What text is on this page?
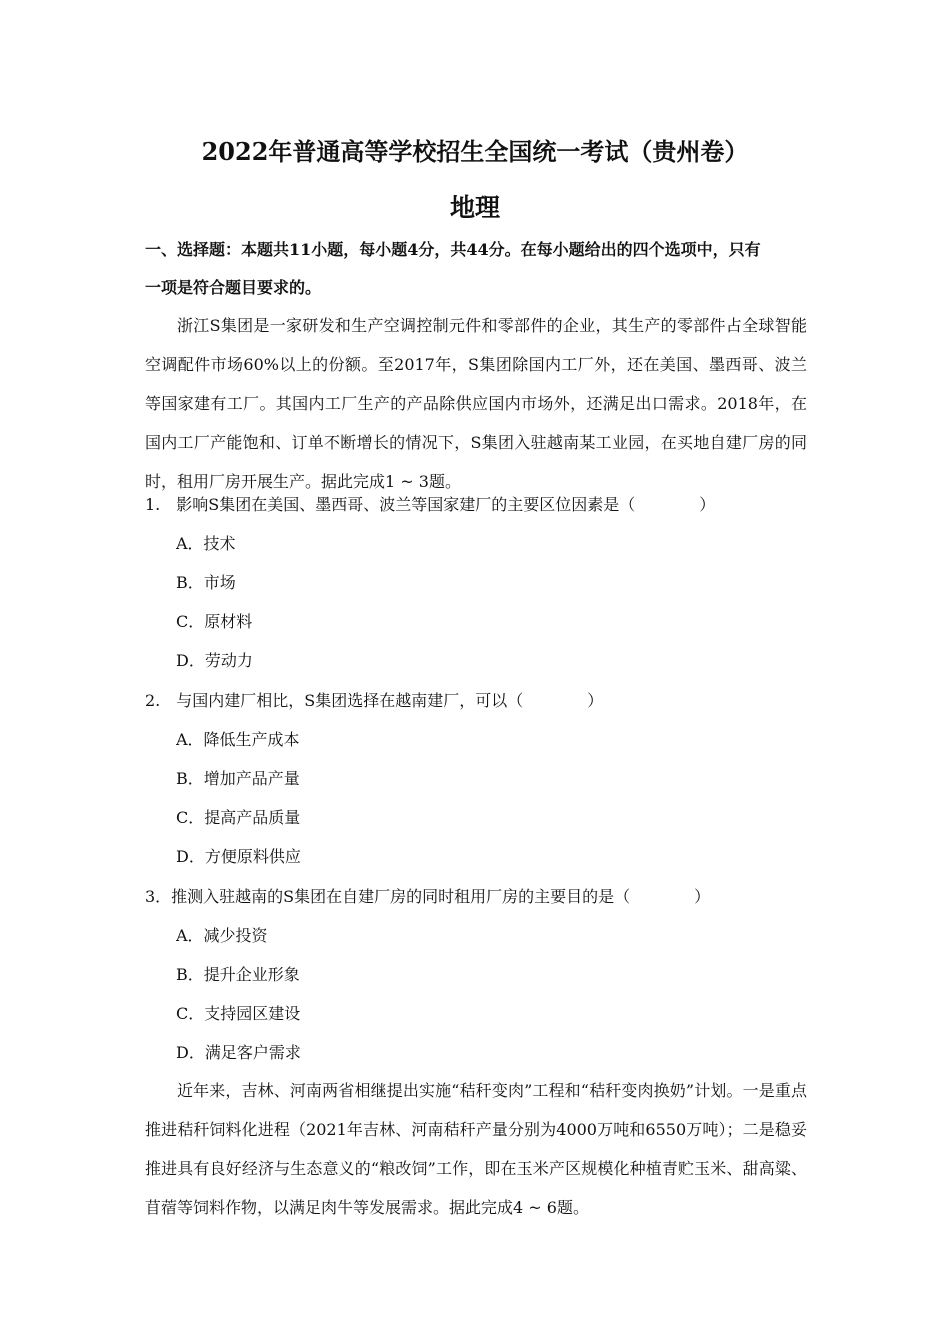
2022年普通高等学校招生全国统一考试（贵州卷）
地理
一、选择题：本题共11小题，每小题4分，共44分。在每小题给出的四个选项中，只有
一项是符合题目要求的。
浙江S集团是一家研发和生产空调控制元件和零部件的企业，其生产的零部件占全球智能空调配件市场60%以上的份额。至2017年，S集团除国内工厂外，还在美国、墨西哥、波兰等国家建有工厂。其国内工厂生产的产品除供应国内市场外，还满足出口需求。2018年，在国内工厂产能饱和、订单不断增长的情况下，S集团入驻越南某工业园，在买地自建厂房的同时，租用厂房开展生产。据此完成1 ~ 3题。
1.　影响S集团在美国、墨西哥、波兰等国家建厂的主要区位因素是（　　　　）
A．技术
B．市场
C．原材料
D．劳动力
2.　与国内建厂相比，S集团选择在越南建厂，可以（　　　　）
A．降低生产成本
B．增加产品产量
C．提高产品质量
D．方便原料供应
3．推测入驻越南的S集团在自建厂房的同时租用厂房的主要目的是（　　　　）
A．减少投资
B．提升企业形象
C．支持园区建设
D．满足客户需求
近年来，吉林、河南两省相继提出实施“秸秆变肉”工程和“秸秆变肉换奶”计划。一是重点推进秸秆饲料化进程（2021年吉林、河南秸秆产量分别为4000万吨和6550万吨）；二是稳妥推进具有良好经济与生态意义的“粮改饲”工作，即在玉米产区规模化种植青贮玉米、甜高粱、苜蓿等饲料作物，以满足肉牛等发展需求。据此完成4 ~ 6题。
